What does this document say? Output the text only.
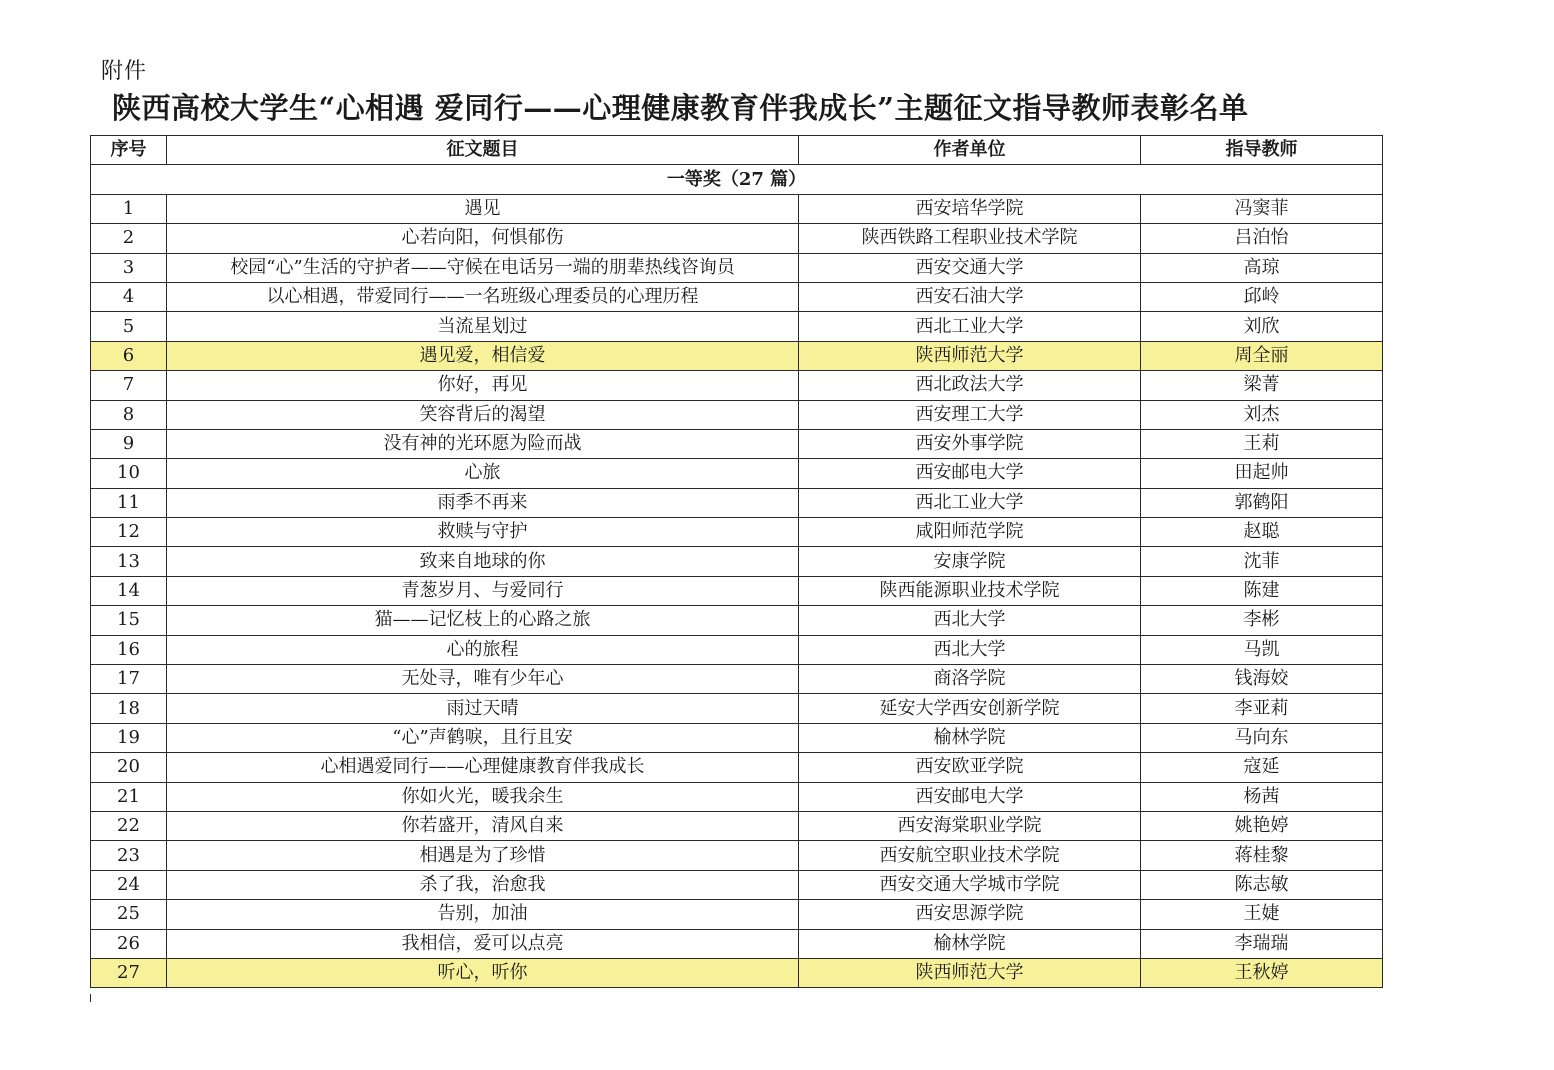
附件
陕西高校大学生“心相遇 爱同行——心理健康教育伴我成长”主题征文指导教师表彰名单
序号	征文题目	作者单位	指导教师
一等奖（27 篇）			
1	遇见	西安培华学院	冯窦菲
2	心若向阳，何惧郁伤	陕西铁路工程职业技术学院	吕泊怡
3	校园“心”生活的守护者——守候在电话另一端的朋辈热线咨询员	西安交通大学	高琼
4	以心相遇，带爱同行——一名班级心理委员的心理历程	西安石油大学	邱岭
5	当流星划过	西北工业大学	刘欣
6	遇见爱，相信爱	陕西师范大学	周全丽
7	你好，再见	西北政法大学	梁菁
8	笑容背后的渴望	西安理工大学	刘杰
9	没有神的光环愿为险而战	西安外事学院	王莉
10	心旅	西安邮电大学	田起帅
11	雨季不再来	西北工业大学	郭鹤阳
12	救赎与守护	咸阳师范学院	赵聪
13	致来自地球的你	安康学院	沈菲
14	青葱岁月、与爱同行	陕西能源职业技术学院	陈建
15	猫——记忆枝上的心路之旅	西北大学	李彬
16	心的旅程	西北大学	马凯
17	无处寻，唯有少年心	商洛学院	钱海姣
18	雨过天晴	延安大学西安创新学院	李亚莉
19	“心”声鹤唳，且行且安	榆林学院	马向东
20	心相遇爱同行——心理健康教育伴我成长	西安欧亚学院	寇延
21	你如火光，暖我余生	西安邮电大学	杨茜
22	你若盛开，清风自来	西安海棠职业学院	姚艳婷
23	相遇是为了珍惜	西安航空职业技术学院	蒋桂黎
24	杀了我，治愈我	西安交通大学城市学院	陈志敏
25	告别，加油	西安思源学院	王婕
26	我相信，爱可以点亮	榆林学院	李瑞瑞
27	听心，听你	陕西师范大学	王秋婷
